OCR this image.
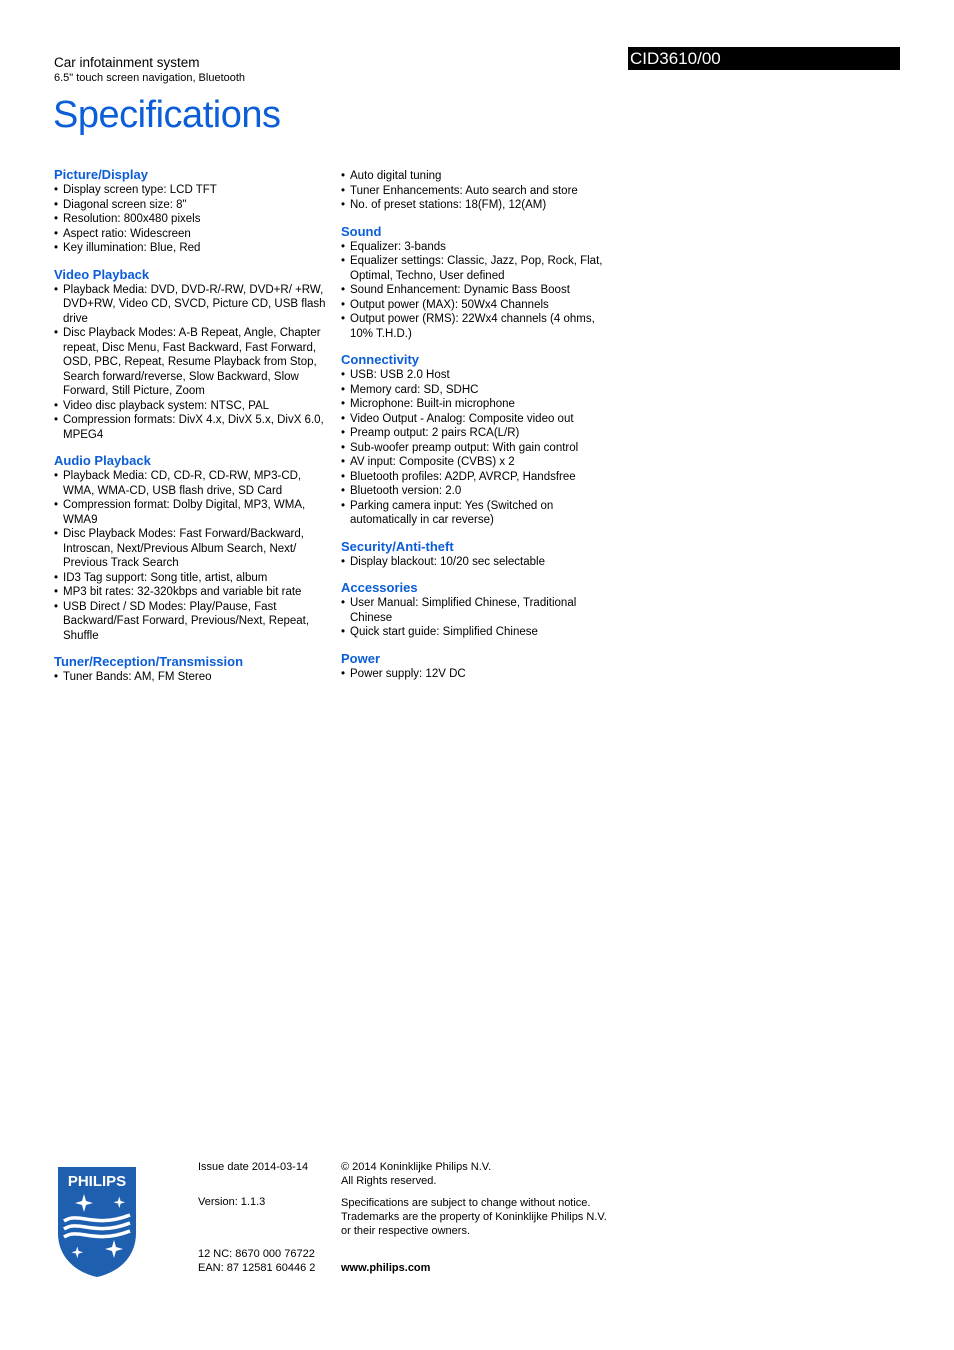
Car infotainment system
6.5" touch screen navigation, Bluetooth
CID3610/00
Specifications
Picture/Display
• Display screen type: LCD TFT
• Diagonal screen size: 8"
• Resolution: 800x480 pixels
• Aspect ratio: Widescreen
• Key illumination: Blue, Red
Video Playback
• Playback Media: DVD, DVD-R/-RW, DVD+R/ +RW, DVD+RW, Video CD, SVCD, Picture CD, USB flash drive
• Disc Playback Modes: A-B Repeat, Angle, Chapter repeat, Disc Menu, Fast Backward, Fast Forward, OSD, PBC, Repeat, Resume Playback from Stop, Search forward/reverse, Slow Backward, Slow Forward, Still Picture, Zoom
• Video disc playback system: NTSC, PAL
• Compression formats: DivX 4.x, DivX 5.x, DivX 6.0, MPEG4
Audio Playback
• Playback Media: CD, CD-R, CD-RW, MP3-CD, WMA, WMA-CD, USB flash drive, SD Card
• Compression format: Dolby Digital, MP3, WMA, WMA9
• Disc Playback Modes: Fast Forward/Backward, Introscan, Next/Previous Album Search, Next/ Previous Track Search
• ID3 Tag support: Song title, artist, album
• MP3 bit rates: 32-320kbps and variable bit rate
• USB Direct / SD Modes: Play/Pause, Fast Backward/Fast Forward, Previous/Next, Repeat, Shuffle
Tuner/Reception/Transmission
• Tuner Bands: AM, FM Stereo
• Auto digital tuning
• Tuner Enhancements: Auto search and store
• No. of preset stations: 18(FM), 12(AM)
Sound
• Equalizer: 3-bands
• Equalizer settings: Classic, Jazz, Pop, Rock, Flat, Optimal, Techno, User defined
• Sound Enhancement: Dynamic Bass Boost
• Output power (MAX): 50Wx4 Channels
• Output power (RMS): 22Wx4 channels (4 ohms, 10% T.H.D.)
Connectivity
• USB: USB 2.0 Host
• Memory card: SD, SDHC
• Microphone: Built-in microphone
• Video Output - Analog: Composite video out
• Preamp output: 2 pairs RCA(L/R)
• Sub-woofer preamp output: With gain control
• AV input: Composite (CVBS) x 2
• Bluetooth profiles: A2DP, AVRCP, Handsfree
• Bluetooth version: 2.0
• Parking camera input: Yes (Switched on automatically in car reverse)
Security/Anti-theft
• Display blackout: 10/20 sec selectable
Accessories
• User Manual: Simplified Chinese, Traditional Chinese
• Quick start guide: Simplified Chinese
Power
• Power supply: 12V DC
PHILIPS
Issue date 2014-03-14
Version: 1.1.3
12 NC: 8670 000 76722
EAN: 87 12581 60446 2
© 2014 Koninklijke Philips N.V.
All Rights reserved.
Specifications are subject to change without notice.
Trademarks are the property of Koninklijke Philips N.V.
or their respective owners.
www.philips.com
